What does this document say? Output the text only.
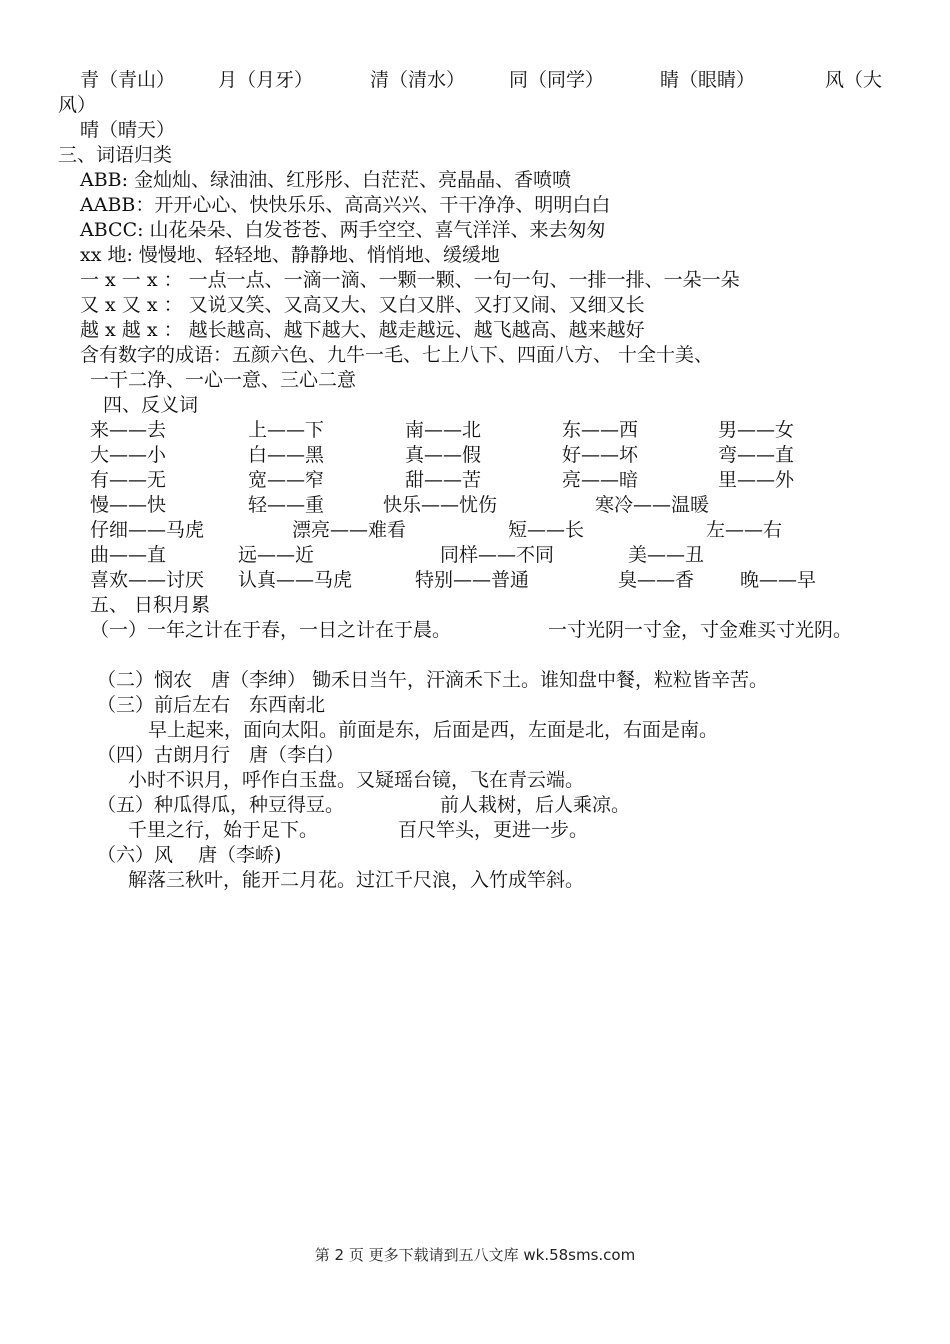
青（青山） 月（月牙）	清（清水） 同（同学）	睛（眼睛）	风（大
风）
晴（晴天）
三、词语归类
ABB: 金灿灿、绿油油、红彤彤、白茫茫、亮晶晶、香喷喷
AABB：开开心心、快快乐乐、高高兴兴、干干净净、明明白白
ABCC: 山花朵朵、白发苍苍、两手空空、喜气洋洋、来去匆匆
xx 地: 慢慢地、轻轻地、静静地、悄悄地、缓缓地
一 x 一 x ： 一点一点、一滴一滴、一颗一颗、一句一句、一排一排、一朵一朵
又 x 又 x ： 又说又笑、又高又大、又白又胖、又打又闹、又细又长
越 x 越 x ： 越长越高、越下越大、越走越远、越飞越高、越来越好
含有数字的成语：五颜六色、九牛一毛、七上八下、四面八方、 十全十美、
一干二净、一心一意、三心二意
四、反义词
来——去	上——下	南——北	东——西	男——女
大——小	白——黑	真——假	好——坏	弯——直
有——无	宽——窄	甜——苦	亮——暗	里——外
慢——快	轻——重	快乐——忧伤	寒冷——温暖
仔细——马虎	漂亮——难看	短——长	左——右
曲——直	远——近	同样——不同	美——丑
喜欢——讨厌 认真——马虎	特别——普通	臭——香 晚——早
五、 日积月累
（一）一年之计在于春，一日之计在于晨。	一寸光阴一寸金，寸金难买寸光阴。
（二）悯农　唐（李绅） 锄禾日当午，汗滴禾下土。谁知盘中餐，粒粒皆辛苦。
（三）前后左右　东西南北
早上起来，面向太阳。前面是东，后面是西，左面是北，右面是南。
（四）古朗月行　唐（李白）
小时不识月，呼作白玉盘。又疑瑶台镜，飞在青云端。
（五）种瓜得瓜，种豆得豆。	前人栽树，后人乘凉。
千里之行，始于足下。	百尺竿头，更进一步。
（六）风　 唐（李峤)
解落三秋叶，能开二月花。过江千尺浪，入竹成竿斜。
第 2 页 更多下载请到五八文库 wk.58sms.com
